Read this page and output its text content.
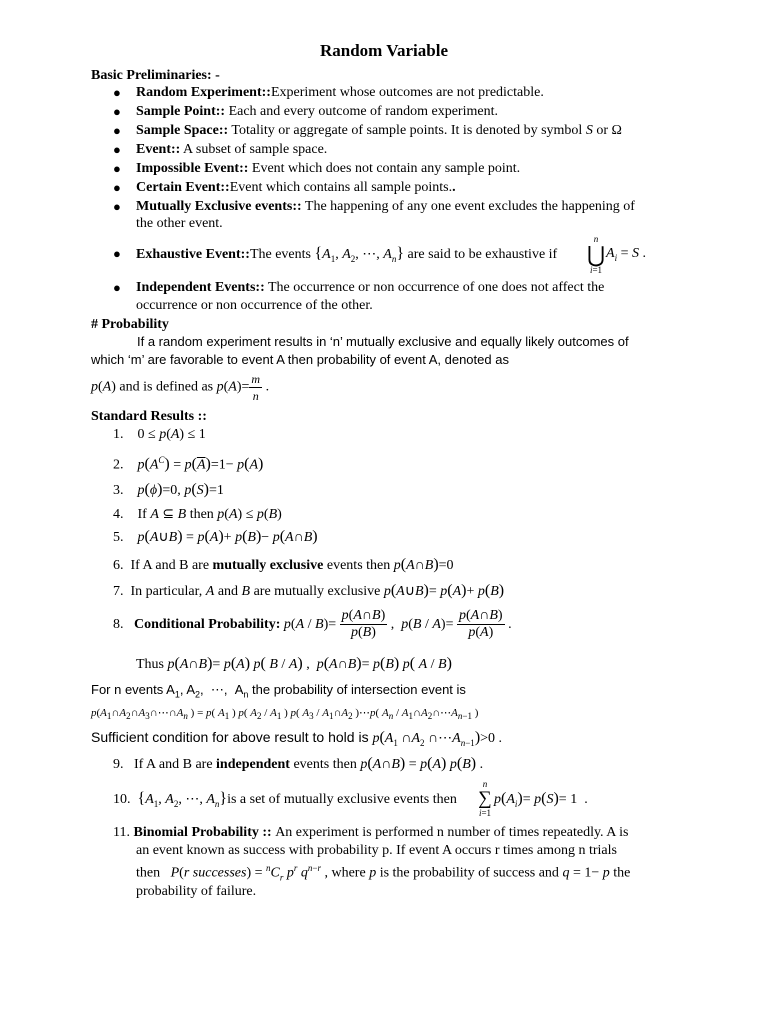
Random Variable
Basic Preliminaries: -
● Random Experiment::Experiment whose outcomes are not predictable.
● Sample Point:: Each and every outcome of random experiment.
● Sample Space:: Totality or aggregate of sample points. It is denoted by symbol S or Ω
● Event:: A subset of sample space.
● Impossible Event:: Event which does not contain any sample point.
● Certain Event::Event which contains all sample points..
● Mutually Exclusive events:: The happening of any one event excludes the happening of
the other event.
● Exhaustive Event::The events {$A_1$, $A_2$, ⋯, $A_n$} are said to be exhaustive if
n
⋃
i=1
$A_i = S$ .
● Independent Events:: The occurrence or non occurrence of one does not affect the
occurrence or non occurrence of the other.
# Probability
If a random experiment results in ‘n’ mutually exclusive and equally likely outcomes of
which ‘m’ are favorable to event A then probability of event A, denoted as
p(A) and is defined as $p(A)= \frac{m}{n}$ .
Standard Results ::
1.    0 ≤ p(A) ≤ 1
2.    $p(A^C) = p(\overline{A})=1- p(A)$
3.    p(ϕ)=0, p(S)=1
4.    If A ⊆ B then p(A) ≤ p(B)
5.    p(A∪B) = p(A)+ p(B)− p(A∩B)
6.  If A and B are mutually exclusive events then p(A∩B)=0
7.  In particular, A and B are mutually exclusive p(A∪B)= p(A)+ p(B)
8.   Conditional Probability: $p(A / B)= \frac{p(A\cap B)}{p(B)}$ ,  $p(B / A)= \frac{p(A\cap B)}{p(A)}$ .
Thus p(A∩B)= p(A) p( B / A) ,  p(A∩B)= p(B) p( A / B)
For n events $A_1$, $A_2$,  ⋯,  $A_n$ the probability of intersection event is
$p(A_1\cap A_2\cap A_3\cap\cdots\cap A_n$ ) = p( $A_1$ ) p( $A_2 / A_1$ ) p( $A_3$ / $A_1\cap A_2$ )⋯p( $A_n$ / $A_1\cap A_2\cap\cdots A_{n-1}$ )
Sufficient condition for above result to hold is $p(A_1$ $\cap A_2$ $\cap\cdots A_{n-1})>0$ .
9.   If A and B are independent events then p(A∩B) = p(A) p(B) .
10.  {$A_1$, $A_2$, ⋯, $A_n\}is$ a set of mutually exclusive events then
n
∑
i=1
$p(A_i)= p(S)= 1$  .
11. Binomial Probability :: An experiment is performed n number of times repeatedly. A is
an event known as success with probability p. If event A occurs r times among n trials
then   P(r successes) = $^nC_r$ $p^r$ $q^{n-r}$ , where p is the probability of success and q = 1− p the
probability of failure.
